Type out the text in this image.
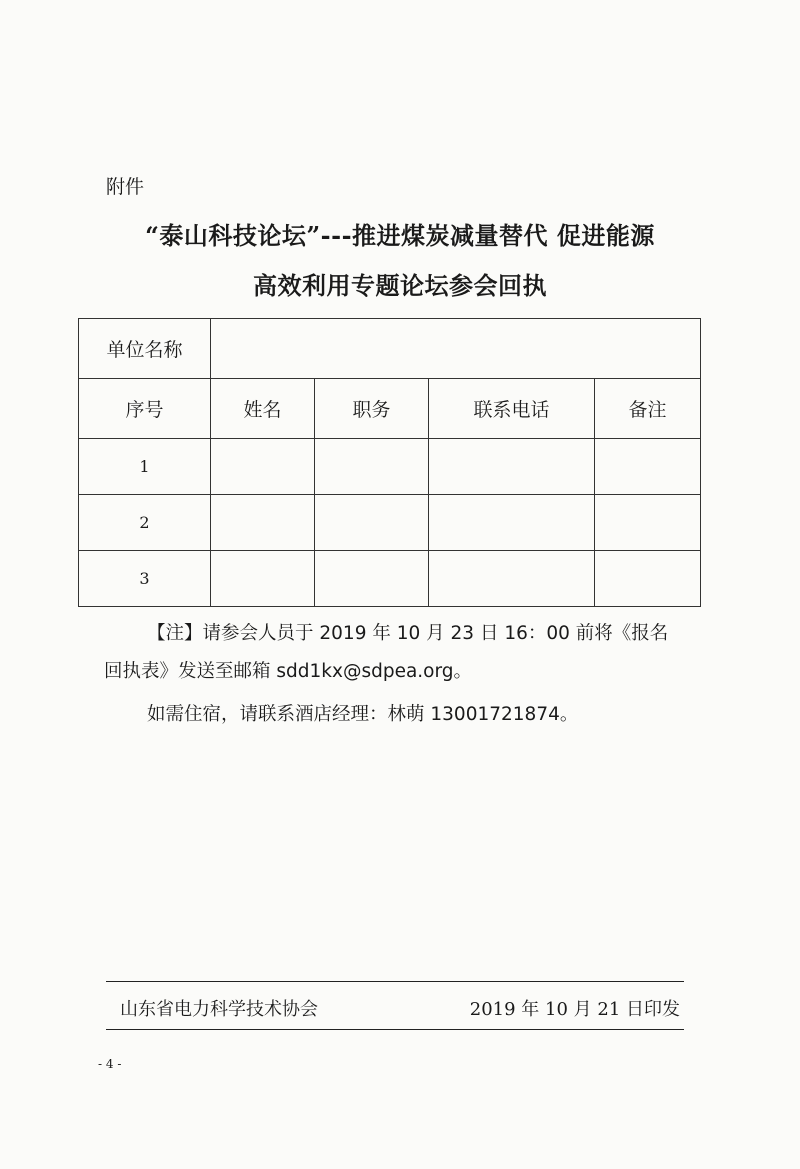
附件
“泰山科技论坛”---推进煤炭减量替代 促进能源
高效利用专题论坛参会回执
单位名称				
序号	姓名	职务	联系电话	备注
1				
2				
3				
【注】请参会人员于 2019 年 10 月 23 日 16：00 前将《报名
回执表》发送至邮箱 sdd1kx@sdpea.org。
如需住宿，请联系酒店经理：林萌 13001721874。
山东省电力科学技术协会	2019 年 10 月 21 日印发
- 4 -
